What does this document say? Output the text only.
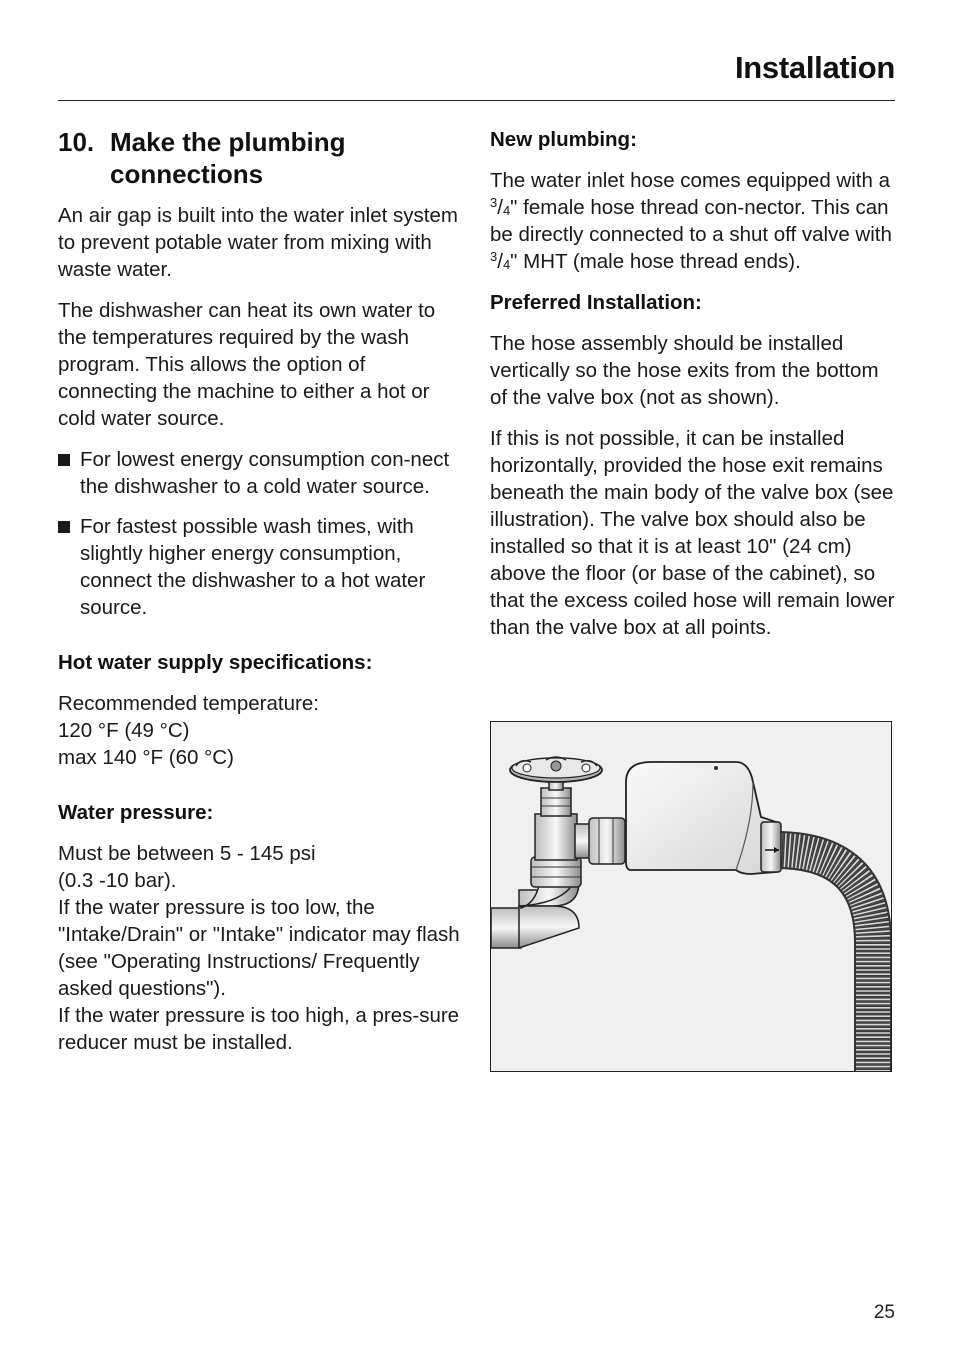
Installation
10. Make the plumbing
connections

An air gap is built into the water inlet system to prevent potable water from mixing with waste water.

The dishwasher can heat its own water to the temperatures required by the wash program. This allows the option of connecting the machine to either a hot or cold water source.

For lowest energy consumption con-nect the dishwasher to a cold water source.

For fastest possible wash times, with slightly higher energy consumption, connect the dishwasher to a hot water source.

Hot water supply specifications:

Recommended temperature:

120 °F (49 °C)

max 140 °F (60 °C)

Water pressure:

Must be between 5 - 145 psi

(0.3 -10 bar).

If the water pressure is too low, the "Intake/Drain" or "Intake" indicator may flash (see "Operating Instructions/ Frequently asked questions").

If the water pressure is too high, a pres-sure reducer must be installed.

New plumbing:

The water inlet hose comes equipped with a $^3/_4$" female hose thread con-nector. This can be directly connected to a shut off valve with $^3/_4$" MHT (male hose thread ends).

Preferred Installation:

The hose assembly should be installed vertically so the hose exits from the bottom of the valve box (not as shown).

If this is not possible, it can be installed horizontally, provided the hose exit remains beneath the main body of the valve box (see illustration). The valve box should also be installed so that it is at least 10" (24 cm) above the floor (or base of the cabinet), so that the excess coiled hose will remain lower than the valve box at all points.

25
